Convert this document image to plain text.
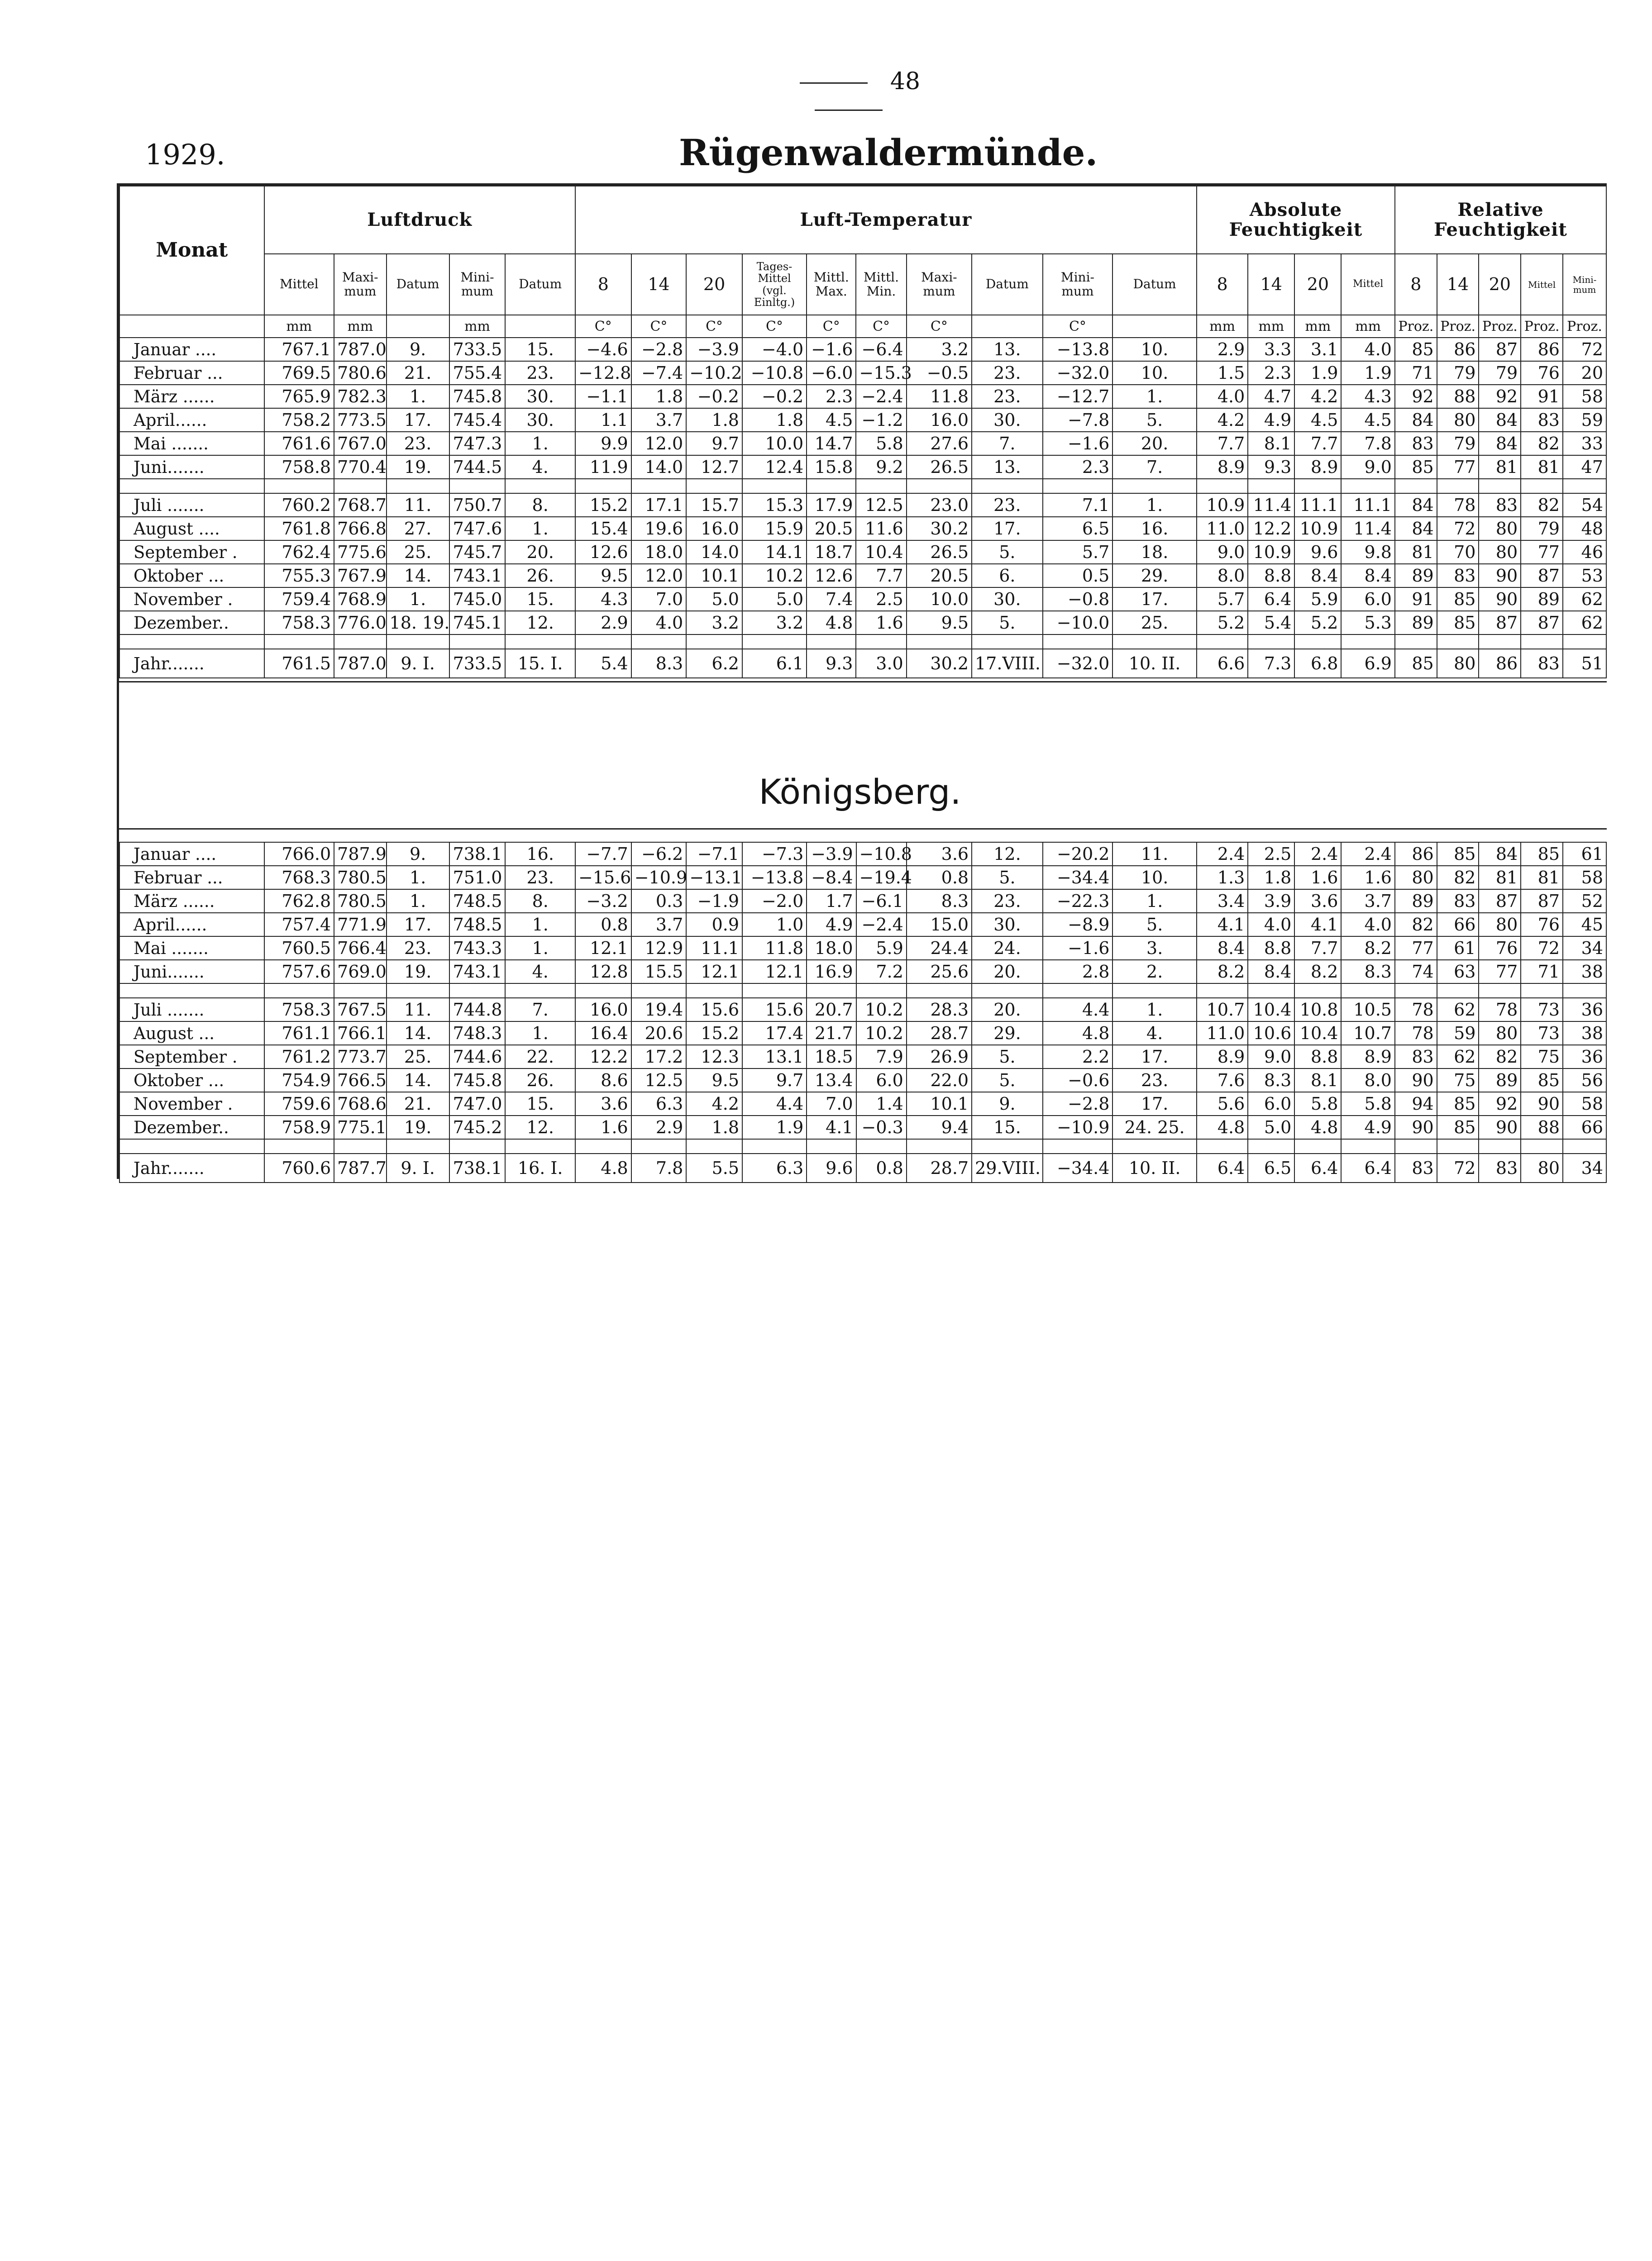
48
1929.	Rügenwaldermünde.
Monat	Luftdruck					Luft-Temperatur										Absolute Feuchtigkeit				Relative Feuchtigkeit				
	Mittel	Maxi- mum	Datum	Mini- mum	Datum	8	14	20	Tages- Mittel (vgl. Einltg.)	Mittl. Max.	Mittl. Min.	Maxi- mum	Datum	Mini- mum	Datum	8	14	20	Mittel	8	14	20	Mittel	Mini- mum
	mm	mm		mm		C°	C°	C°	C°	C°	C°	C°		C°		mm	mm	mm	mm	Proz.	Proz.	Proz.	Proz.	Proz.
Januar ....	767.1	787.0	9.	733.5	15.	−4.6	−2.8	−3.9	−4.0	−1.6	−6.4	3.2	13.	−13.8	10.	2.9	3.3	3.1	4.0	85	86	87	86	72
Februar ...	769.5	780.6	21.	755.4	23.	−12.8	−7.4	−10.2	−10.8	−6.0	−15.3	−0.5	23.	−32.0	10.	1.5	2.3	1.9	1.9	71	79	79	76	20
März ......	765.9	782.3	1.	745.8	30.	−1.1	1.8	−0.2	−0.2	2.3	−2.4	11.8	23.	−12.7	1.	4.0	4.7	4.2	4.3	92	88	92	91	58
April......	758.2	773.5	17.	745.4	30.	1.1	3.7	1.8	1.8	4.5	−1.2	16.0	30.	−7.8	5.	4.2	4.9	4.5	4.5	84	80	84	83	59
Mai .......	761.6	767.0	23.	747.3	1.	9.9	12.0	9.7	10.0	14.7	5.8	27.6	7.	−1.6	20.	7.7	8.1	7.7	7.8	83	79	84	82	33
Juni.......	758.8	770.4	19.	744.5	4.	11.9	14.0	12.7	12.4	15.8	9.2	26.5	13.	2.3	7.	8.9	9.3	8.9	9.0	85	77	81	81	47

Juli .......	760.2	768.7	11.	750.7	8.	15.2	17.1	15.7	15.3	17.9	12.5	23.0	23.	7.1	1.	10.9	11.4	11.1	11.1	84	78	83	82	54
August ....	761.8	766.8	27.	747.6	1.	15.4	19.6	16.0	15.9	20.5	11.6	30.2	17.	6.5	16.	11.0	12.2	10.9	11.4	84	72	80	79	48
September .	762.4	775.6	25.	745.7	20.	12.6	18.0	14.0	14.1	18.7	10.4	26.5	5.	5.7	18.	9.0	10.9	9.6	9.8	81	70	80	77	46
Oktober ...	755.3	767.9	14.	743.1	26.	9.5	12.0	10.1	10.2	12.6	7.7	20.5	6.	0.5	29.	8.0	8.8	8.4	8.4	89	83	90	87	53
November .	759.4	768.9	1.	745.0	15.	4.3	7.0	5.0	5.0	7.4	2.5	10.0	30.	−0.8	17.	5.7	6.4	5.9	6.0	91	85	90	89	62
Dezember..	758.3	776.0	18. 19.	745.1	12.	2.9	4.0	3.2	3.2	4.8	1.6	9.5	5.	−10.0	25.	5.2	5.4	5.2	5.3	89	85	87	87	62

Jahr.......	761.5	787.0	9. I.	733.5	15. I.	5.4	8.3	6.2	6.1	9.3	3.0	30.2	17.VIII.	−32.0	10. II.	6.6	7.3	6.8	6.9	85	80	86	83	51
Königsberg.
Januar ....	766.0	787.9	9.	738.1	16.	−7.7	−6.2	−7.1	−7.3	−3.9	−10.8	3.6	12.	−20.2	11.	2.4	2.5	2.4	2.4	86	85	84	85	61
Februar ...	768.3	780.5	1.	751.0	23.	−15.6	−10.9	−13.1	−13.8	−8.4	−19.4	0.8	5.	−34.4	10.	1.3	1.8	1.6	1.6	80	82	81	81	58
März ......	762.8	780.5	1.	748.5	8.	−3.2	0.3	−1.9	−2.0	1.7	−6.1	8.3	23.	−22.3	1.	3.4	3.9	3.6	3.7	89	83	87	87	52
April......	757.4	771.9	17.	748.5	1.	0.8	3.7	0.9	1.0	4.9	−2.4	15.0	30.	−8.9	5.	4.1	4.0	4.1	4.0	82	66	80	76	45
Mai .......	760.5	766.4	23.	743.3	1.	12.1	12.9	11.1	11.8	18.0	5.9	24.4	24.	−1.6	3.	8.4	8.8	7.7	8.2	77	61	76	72	34
Juni.......	757.6	769.0	19.	743.1	4.	12.8	15.5	12.1	12.1	16.9	7.2	25.6	20.	2.8	2.	8.2	8.4	8.2	8.3	74	63	77	71	38

Juli .......	758.3	767.5	11.	744.8	7.	16.0	19.4	15.6	15.6	20.7	10.2	28.3	20.	4.4	1.	10.7	10.4	10.8	10.5	78	62	78	73	36
August ...	761.1	766.1	14.	748.3	1.	16.4	20.6	15.2	17.4	21.7	10.2	28.7	29.	4.8	4.	11.0	10.6	10.4	10.7	78	59	80	73	38
September .	761.2	773.7	25.	744.6	22.	12.2	17.2	12.3	13.1	18.5	7.9	26.9	5.	2.2	17.	8.9	9.0	8.8	8.9	83	62	82	75	36
Oktober ...	754.9	766.5	14.	745.8	26.	8.6	12.5	9.5	9.7	13.4	6.0	22.0	5.	−0.6	23.	7.6	8.3	8.1	8.0	90	75	89	85	56
November .	759.6	768.6	21.	747.0	15.	3.6	6.3	4.2	4.4	7.0	1.4	10.1	9.	−2.8	17.	5.6	6.0	5.8	5.8	94	85	92	90	58
Dezember..	758.9	775.1	19.	745.2	12.	1.6	2.9	1.8	1.9	4.1	−0.3	9.4	15.	−10.9	24. 25.	4.8	5.0	4.8	4.9	90	85	90	88	66

Jahr.......	760.6	787.7	9. I.	738.1	16. I.	4.8	7.8	5.5	6.3	9.6	0.8	28.7	29.VIII.	−34.4	10. II.	6.4	6.5	6.4	6.4	83	72	83	80	34
